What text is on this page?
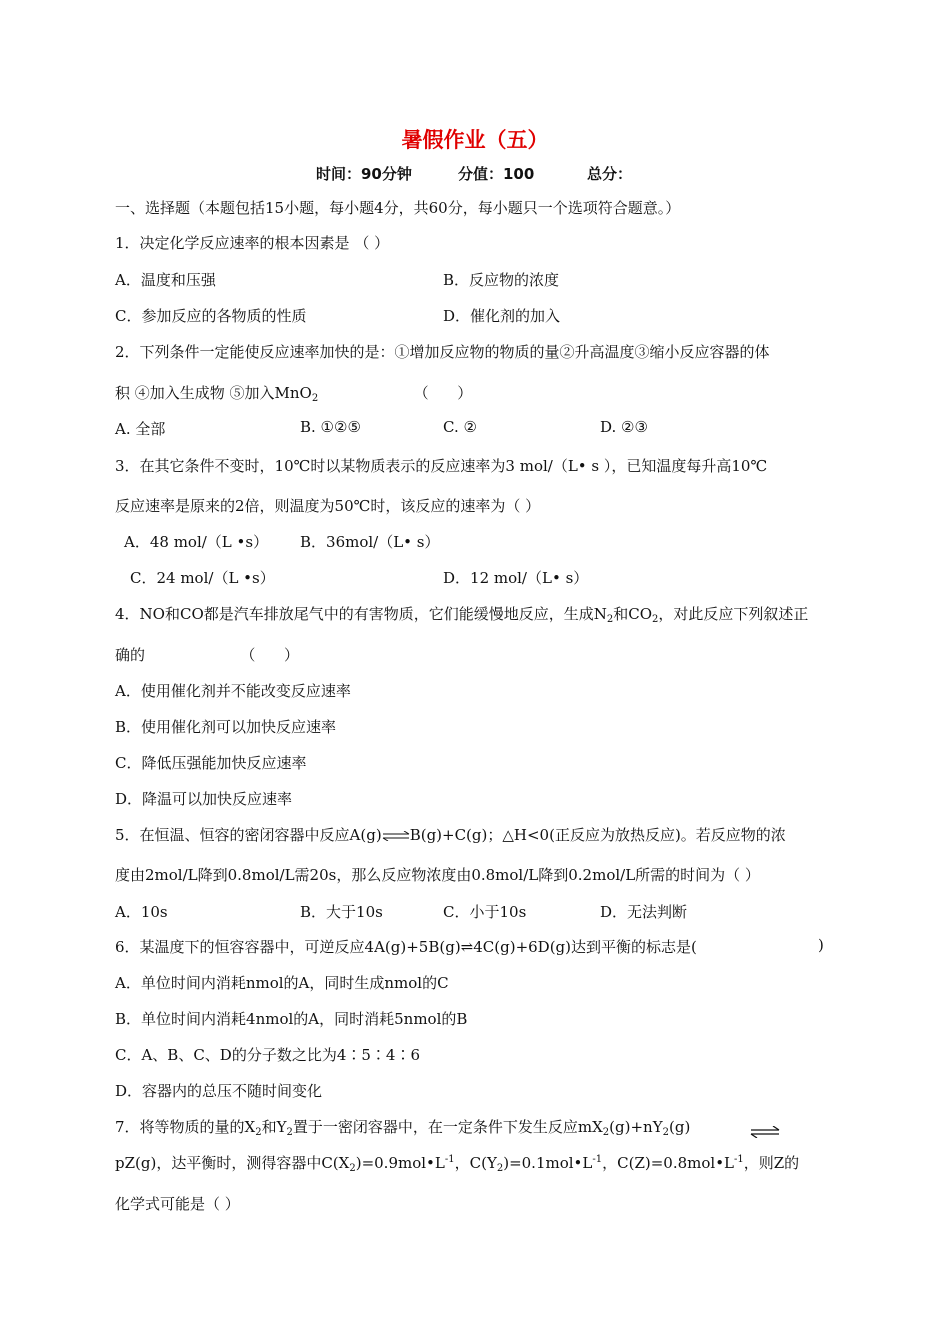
暑假作业（五）
时间：90分钟	分值：100	总分：
一、选择题（本题包括15小题，每小题4分，共60分，每小题只一个选项符合题意。）
1．决定化学反应速率的根本因素是 （ ）
A．温度和压强	B．反应物的浓度
C．参加反应的各物质的性质	D．催化剂的加入
2．下列条件一定能使反应速率加快的是：①增加反应物的物质的量②升高温度③缩小反应容器的体
积 ④加入生成物 ⑤加入MnO$_2$                    （      ）
A. 全部	B. ①②⑤	C. ②	D. ②③
3．在其它条件不变时，10℃时以某物质表示的反应速率为3 mol/（L• s ），已知温度每升高10℃
反应速率是原来的2倍，则温度为50℃时，该反应的速率为（ ）
A．48 mol/（L •s） B．36mol/（L• s）
C．24 mol/（L •s）	D．12 mol/（L• s）
4．NO和CO都是汽车排放尾气中的有害物质，它们能缓慢地反应，生成$N_2$和$CO_2$，对此反应下列叙述正
确的                    （      ）
A．使用催化剂并不能改变反应速率
B．使用催化剂可以加快反应速率
C．降低压强能加快反应速率
D．降温可以加快反应速率
5．在恒温、恒容的密闭容器中反应A(g)⇌B(g)+C(g)；△H<0(正反应为放热反应)。若反应物的浓
度由2mol/L降到0.8mol/L需20s，那么反应物浓度由0.8mol/L降到0.2mol/L所需的时间为（ ）
A．10s	B．大于10s	C．小于10s	D．无法判断
6．某温度下的恒容容器中，可逆反应4A(g)+5B(g)⇌4C(g)+6D(g)达到平衡的标志是(	)
A．单位时间内消耗nmol的A，同时生成nmol的C
B．单位时间内消耗4nmol的A，同时消耗5nmol的B
C．A、B、C、D的分子数之比为4∶5∶4∶6
D．容器内的总压不随时间变化
7．将等物质的量的$X_2$和$Y_2$置于一密闭容器中，在一定条件下发生反应$mX_2(g)+nY_2(g)$
pZ(g)，达平衡时，测得容器中$C(X_2)=0.9mol•L^{-1}$，$C(Y_2)=0.1mol•L^{-1}$，$C(Z)=0.8mol•L^{-1}$，则Z的
化学式可能是（ ）
